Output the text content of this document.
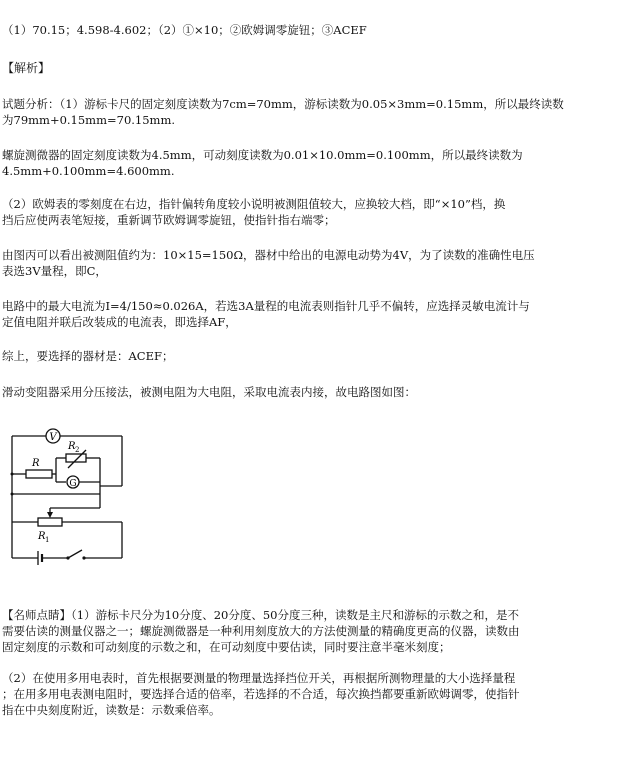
（1）70.15；4.598-4.602；（2）①×10；②欧姆调零旋钮；③ACEF
【解析】
试题分析：（1）游标卡尺的固定刻度读数为7cm=70mm，游标读数为0.05×3mm=0.15mm，所以最终读数
为79mm+0.15mm=70.15mm.
螺旋测微器的固定刻度读数为4.5mm，可动刻度读数为0.01×10.0mm=0.100mm，所以最终读数为
4.5mm+0.100mm=4.600mm.
（2）欧姆表的零刻度在右边，指针偏转角度较小说明被测阻值较大，应换较大档，即“×10”档，换
挡后应使两表笔短接，重新调节欧姆调零旋钮，使指针指右端零；
由图丙可以看出被测阻值约为：10×15=150Ω，器材中给出的电源电动势为4V，为了读数的准确性电压
表选3V量程，即C，
电路中的最大电流为I=4/150≈0.026A，若选3A量程的电流表则指针几乎不偏转，应选择灵敏电流计与
定值电阻并联后改装成的电流表，即选择AF，
综上，要选择的器材是：ACEF；
滑动变阻器采用分压接法，被测电阻为大电阻，采取电流表内接，故电路图如图：
V
G
R 2
R
R 1
【名师点睛】（1）游标卡尺分为10分度、20分度、50分度三种，读数是主尺和游标的示数之和，是不
需要估读的测量仪器之一；螺旋测微器是一种利用刻度放大的方法使测量的精确度更高的仪器，读数由
固定刻度的示数和可动刻度的示数之和，在可动刻度中要估读，同时要注意半毫米刻度；
（2）在使用多用电表时，首先根据要测量的物理量选择挡位开关，再根据所测物理量的大小选择量程
；在用多用电表测电阻时，要选择合适的倍率，若选择的不合适，每次换挡都要重新欧姆调零，使指针
指在中央刻度附近，读数是：示数乘倍率。
